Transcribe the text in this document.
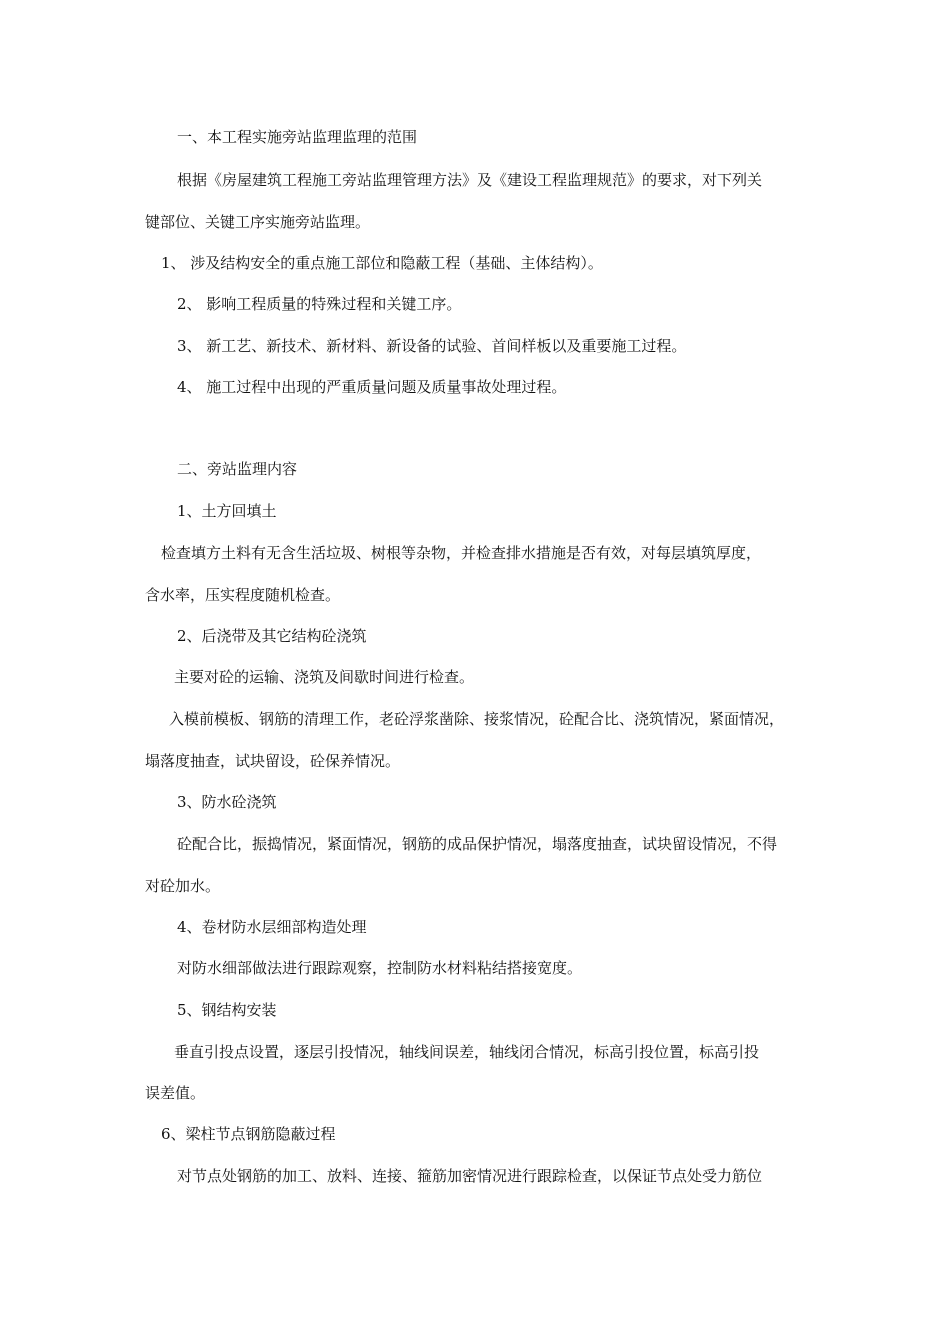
一、本工程实施旁站监理监理的范围

根据《房屋建筑工程施工旁站监理管理方法》及《建设工程监理规范》的要求，对下列关

键部位、关键工序实施旁站监理。

1、 涉及结构安全的重点施工部位和隐蔽工程（基础、主体结构）。

2、 影响工程质量的特殊过程和关键工序。

3、 新工艺、新技术、新材料、新设备的试验、首间样板以及重要施工过程。

4、 施工过程中出现的严重质量问题及质量事故处理过程。

二、旁站监理内容

1、土方回填土

检查填方土料有无含生活垃圾、树根等杂物，并检查排水措施是否有效，对每层填筑厚度，

含水率，压实程度随机检查。

2、后浇带及其它结构砼浇筑

主要对砼的运输、浇筑及间歇时间进行检查。

入模前模板、钢筋的清理工作，老砼浮浆凿除、接浆情况，砼配合比、浇筑情况，紧面情况，

塌落度抽查，试块留设，砼保养情况。

3、防水砼浇筑

砼配合比，振捣情况，紧面情况，钢筋的成品保护情况，塌落度抽查，试块留设情况，不得

对砼加水。

4、卷材防水层细部构造处理

对防水细部做法进行跟踪观察，控制防水材料粘结搭接宽度。

5、钢结构安装

垂直引投点设置，逐层引投情况，轴线间误差，轴线闭合情况，标高引投位置，标高引投

误差值。

6、梁柱节点钢筋隐蔽过程

对节点处钢筋的加工、放料、连接、箍筋加密情况进行跟踪检查，以保证节点处受力筋位
